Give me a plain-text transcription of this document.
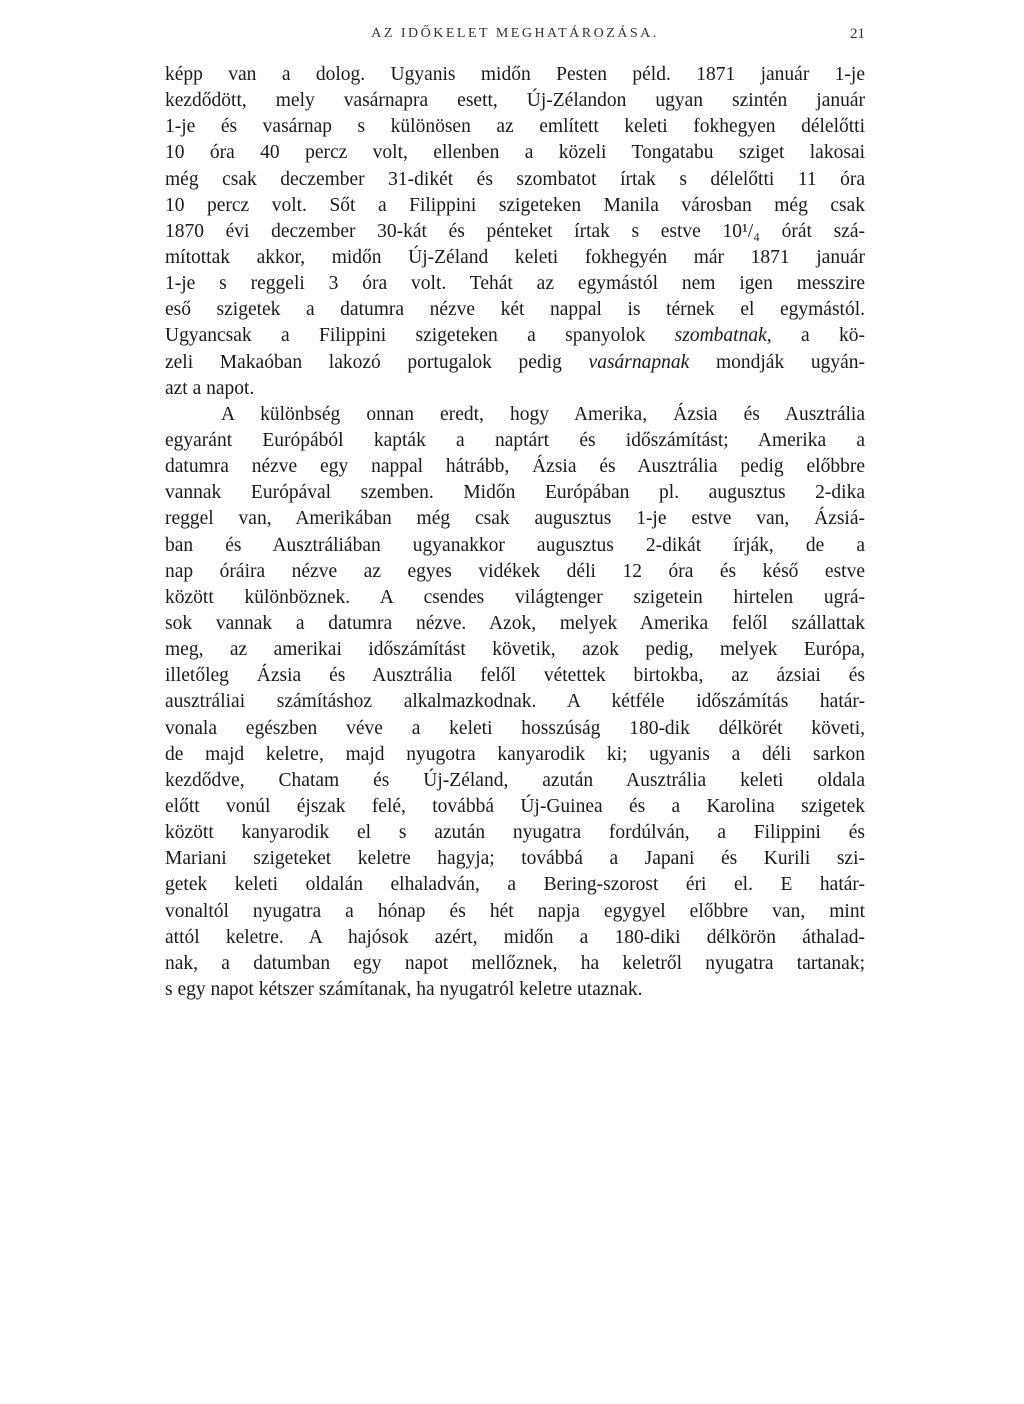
AZ IDŐKELET MEGHATÁROZÁSA.	21
képp van a dolog. Ugyanis midőn Pesten péld. 1871 január 1-je
kezdődött, mely vasárnapra esett, Új-Zélandon ugyan szintén január
1-je és vasárnap s különösen az említett keleti fokhegyen délelőtti
10 óra 40 percz volt, ellenben a közeli Tongatabu sziget lakosai
még csak deczember 31-dikét és szombatot írtak s délelőtti 11 óra
10 percz volt. Sőt a Filippini szigeteken Manila városban még csak
1870 évi deczember 30-kát és pénteket írtak s estve 10¹/₄ órát szá-
mítottak akkor, midőn Új-Zéland keleti fokhegyén már 1871 január
1-je s reggeli 3 óra volt. Tehát az egymástól nem igen messzire
eső szigetek a datumra nézve két nappal is térnek el egymástól.
Ugyancsak a Filippini szigeteken a spanyolok szombatnak, a kö-
zeli Makaóban lakozó portugalok pedig vasárnapnak mondják ugyán-
azt a napot.
A különbség onnan eredt, hogy Amerika, Ázsia és Ausztrália
egyaránt Európából kapták a naptárt és időszámítást; Amerika a
datumra nézve egy nappal hátrább, Ázsia és Ausztrália pedig előbbre
vannak Európával szemben. Midőn Európában pl. augusztus 2-dika
reggel van, Amerikában még csak augusztus 1-je estve van, Ázsiá-
ban és Ausztráliában ugyanakkor augusztus 2-dikát írják, de a
nap óráira nézve az egyes vidékek déli 12 óra és késő estve
között különböznek. A csendes világtenger szigetein hirtelen ugrá-
sok vannak a datumra nézve. Azok, melyek Amerika felől szállattak
meg, az amerikai időszámítást követik, azok pedig, melyek Európa,
illetőleg Ázsia és Ausztrália felől vétettek birtokba, az ázsiai és
ausztráliai számításhoz alkalmazkodnak. A kétféle időszámítás határ-
vonala egészben véve a keleti hosszúság 180-dik délkörét követi,
de majd keletre, majd nyugotra kanyarodik ki; ugyanis a déli sarkon
kezdődve, Chatam és Új-Zéland, azután Ausztrália keleti oldala
előtt vonúl éjszak felé, továbbá Új-Guinea és a Karolina szigetek
között kanyarodik el s azután nyugatra fordúlván, a Filippini és
Mariani szigeteket keletre hagyja; továbbá a Japani és Kurili szi-
getek keleti oldalán elhaladván, a Bering-szorost éri el. E határ-
vonaltól nyugatra a hónap és hét napja egygyel előbbre van, mint
attól keletre. A hajósok azért, midőn a 180-diki délkörön áthalad-
nak, a datumban egy napot mellőznek, ha keletről nyugatra tartanak;
s egy napot kétszer számítanak, ha nyugatról keletre utaznak.
